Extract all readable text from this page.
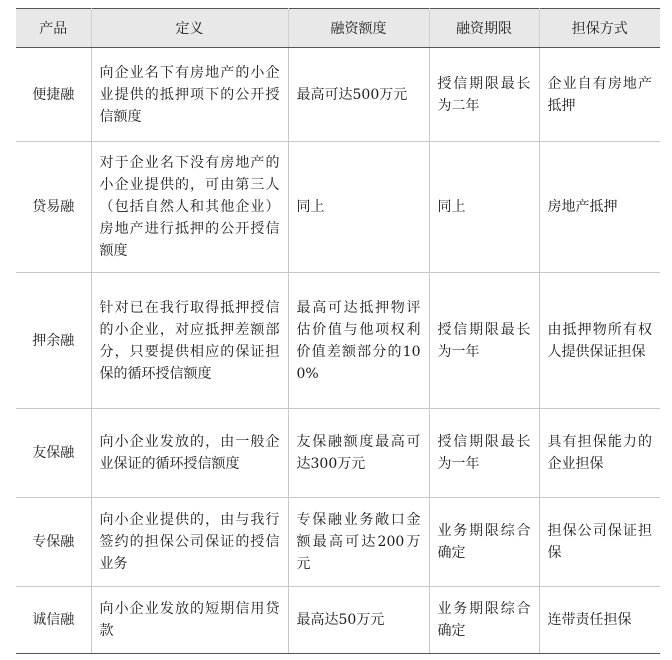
产品	定义	融资额度	融资期限	担保方式
便捷融	向企业名下有房地产的小企业提供的抵押项下的公开授信额度	最高可达500万元	授信期限最长为二年	企业自有房地产抵押
贷易融	对于企业名下没有房地产的小企业提供的，可由第三人（包括自然人和其他企业）房地产进行抵押的公开授信额度	同上	同上	房地产抵押
押余融	针对已在我行取得抵押授信的小企业，对应抵押差额部分，只要提供相应的保证担保的循环授信额度	最高可达抵押物评估价值与他项权利价值差额部分的100%	授信期限最长为一年	由抵押物所有权人提供保证担保
友保融	向小企业发放的，由一般企业保证的循环授信额度	友保融额度最高可达300万元	授信期限最长为一年	具有担保能力的企业担保
专保融	向小企业提供的，由与我行签约的担保公司保证的授信业务	专保融业务敞口金额最高可达200万元	业务期限综合确定	担保公司保证担保
诚信融	向小企业发放的短期信用贷款	最高达50万元	业务期限综合确定	连带责任担保
